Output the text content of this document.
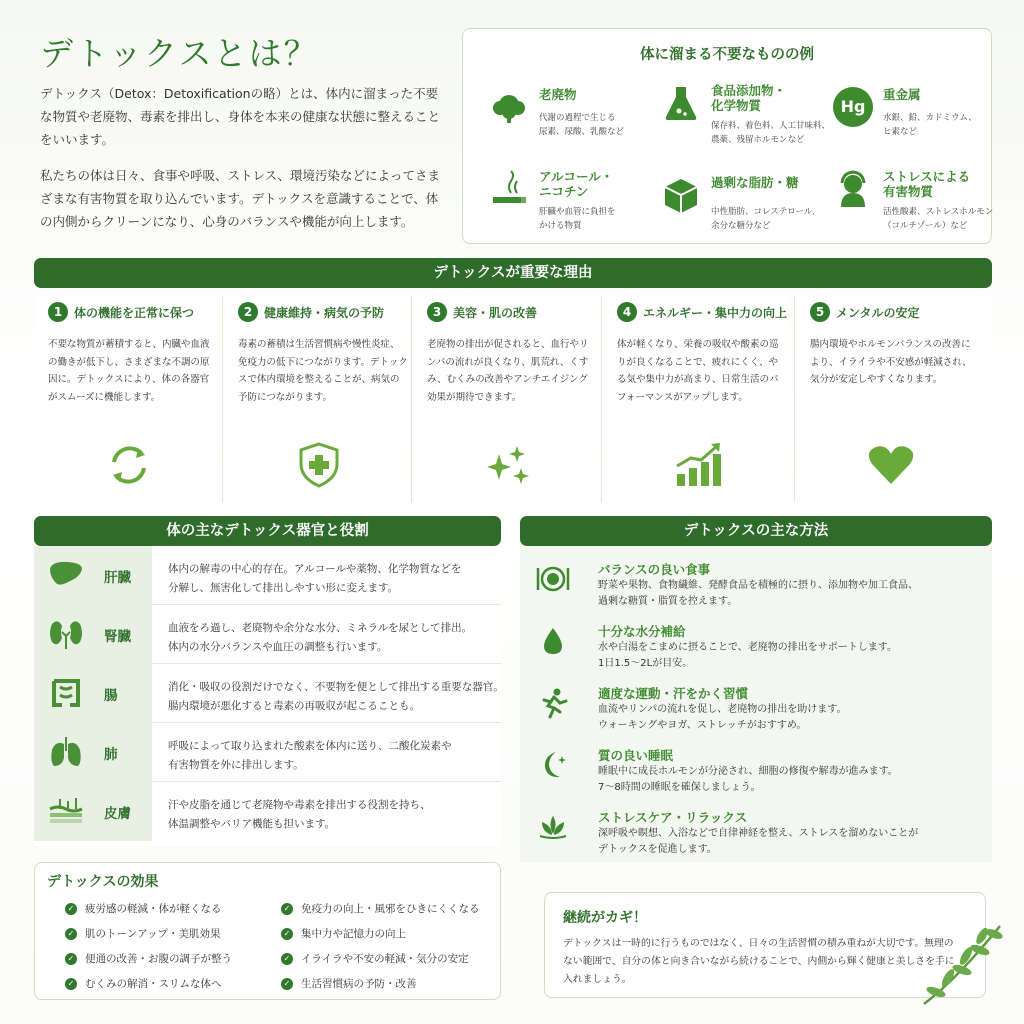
デトックスとは？

デトックス（Detox：Detoxificationの略）とは、体内に溜まった不要な物質や老廃物、毒素を排出し、身体を本来の健康な状態に整えることをいいます。

私たちの体は日々、食事や呼吸、ストレス、環境汚染などによってさまざまな有害物質を取り込んでいます。デトックスを意識することで、体の内側からクリーンになり、心身のバランスや機能が向上します。

体に溜まる不要なものの例
老廃物
代謝の過程で生じる
尿素、尿酸、乳酸など
食品添加物・
化学物質
保存料、着色料、人工甘味料、
農薬、残留ホルモンなど
Hg
重金属
水銀、鉛、カドミウム、
ヒ素など
アルコール・
ニコチン
肝臓や血管に負担を
かける物質
過剰な脂肪・糖
中性脂肪、コレステロール、
余分な糖分など
ストレスによる
有害物質
活性酸素、ストレスホルモン
（コルチゾール）など
デトックスが重要な理由
1 体の機能を正常に保つ
不要な物質が蓄積すると、内臓や血液の働きが低下し、さまざまな不調の原因に。デトックスにより、体の各器官がスムーズに機能します。
2 健康維持・病気の予防
毒素の蓄積は生活習慣病や慢性炎症、免疫力の低下につながります。デトックスで体内環境を整えることが、病気の予防につながります。
3 美容・肌の改善
老廃物の排出が促されると、血行やリンパの流れが良くなり、肌荒れ、くすみ、むくみの改善やアンチエイジング効果が期待できます。
4 エネルギー・集中力の向上
体が軽くなり、栄養の吸収や酸素の巡りが良くなることで、疲れにくく、やる気や集中力が高まり、日常生活のパフォーマンスがアップします。
5 メンタルの安定
腸内環境やホルモンバランスの改善により、イライラや不安感が軽減され、気分が安定しやすくなります。
体の主なデトックス器官と役割
肝臓
体内の解毒の中心的存在。アルコールや薬物、化学物質などを
分解し、無害化して排出しやすい形に変えます。
腎臓
血液をろ過し、老廃物や余分な水分、ミネラルを尿として排出。
体内の水分バランスや血圧の調整も行います。
腸
消化・吸収の役割だけでなく、不要物を便として排出する重要な器官。
腸内環境が悪化すると毒素の再吸収が起こることも。
肺
呼吸によって取り込まれた酸素を体内に送り、二酸化炭素や
有害物質を外に排出します。
皮膚
汗や皮脂を通じて老廃物や毒素を排出する役割を持ち、
体温調整やバリア機能も担います。
デトックスの主な方法
バランスの良い食事
野菜や果物、食物繊維、発酵食品を積極的に摂り、添加物や加工食品、
過剰な糖質・脂質を控えます。
十分な水分補給
水や白湯をこまめに摂ることで、老廃物の排出をサポートします。
1日1.5〜2Lが目安。
適度な運動・汗をかく習慣
血流やリンパの流れを促し、老廃物の排出を助けます。
ウォーキングやヨガ、ストレッチがおすすめ。
質の良い睡眠
睡眠中に成長ホルモンが分泌され、細胞の修復や解毒が進みます。
7〜8時間の睡眠を確保しましょう。
ストレスケア・リラックス
深呼吸や瞑想、入浴などで自律神経を整え、ストレスを溜めないことが
デトックスを促進します。
デトックスの効果
✓ 疲労感の軽減・体が軽くなる	✓ 免疫力の向上・風邪をひきにくくなる
✓ 肌のトーンアップ・美肌効果	✓ 集中力や記憶力の向上
✓ 便通の改善・お腹の調子が整う	✓ イライラや不安の軽減・気分の安定
✓ むくみの解消・スリムな体へ	✓ 生活習慣病の予防・改善
継続がカギ！
デトックスは一時的に行うものではなく、日々の生活習慣の積み重ねが大切です。無理のない範囲で、自分の体と向き合いながら続けることで、内側から輝く健康と美しさを手に入れましょう。
